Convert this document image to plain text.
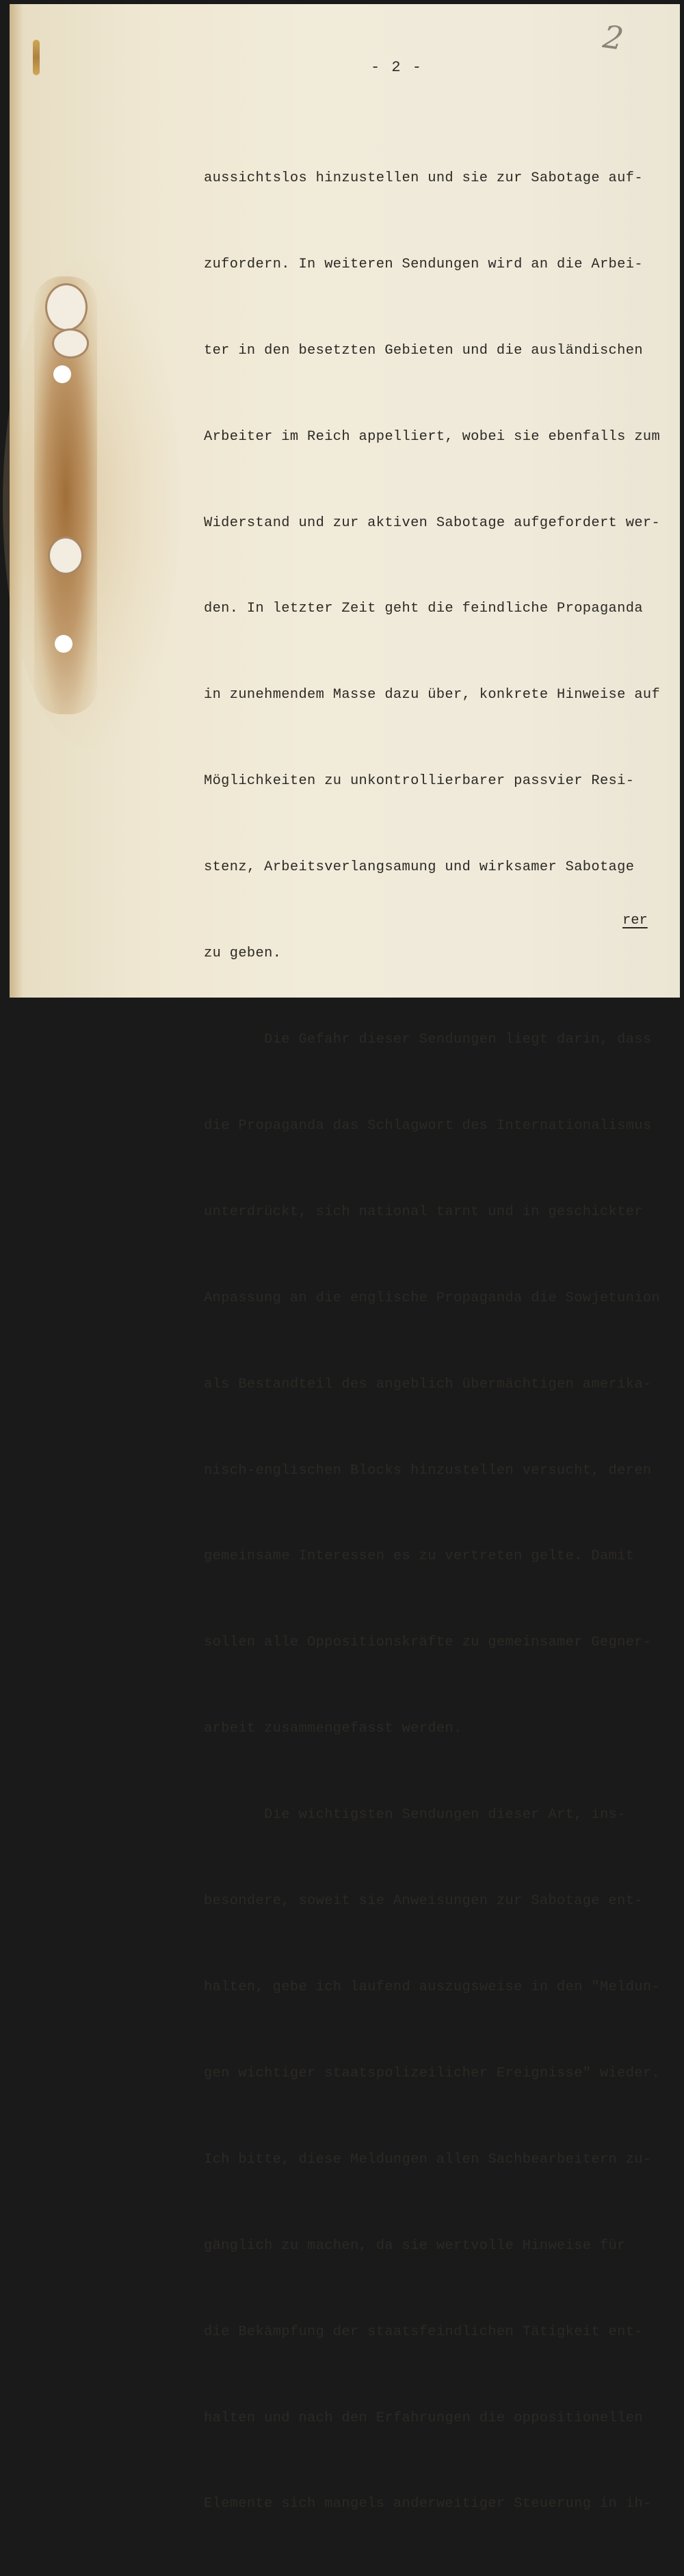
2
- 2 -

aussichtslos hinzustellen und sie zur Sabotage auf-

zufordern. In weiteren Sendungen wird an die Arbei-

ter in den besetzten Gebieten und die ausländischen

Arbeiter im Reich appelliert, wobei sie ebenfalls zum

Widerstand und zur aktiven Sabotage aufgefordert wer-

den. In letzter Zeit geht die feindliche Propaganda

in zunehmendem Masse dazu über, konkrete Hinweise auf

Möglichkeiten zu unkontrollierbarer passvier Resi-

stenz, Arbeitsverlangsamung und wirksamer Sabotage

zu geben.

Die Gefahr dieser Sendungen liegt darin, dass

die Propaganda das Schlagwort des Internationalismus

unterdrückt, sich national tarnt und in geschickter

Anpassung an die englische Propaganda die Sowjetunion

als Bestandteil des angeblich übermächtigen amerika-

nisch-englischen Blocks hinzustellen versucht, deren

gemeinsame Interessen es zu vertreten gelte. Damit

sollen alle Oppositionskräfte zu gemeinsamer Gegner-

arbeit zusammengefasst werden.

Die wichtigsten Sendungen dieser Art, ins-

besondere, soweit sie Anweisungen zur Sabotage ent-

halten, gebe ich laufend auszugsweise in den "Meldun-

gen wichtiger staatspolizeilicher Ereignisse" wieder.

Ich bitte, diese Meldungen allen Sachbearbeitern zu-

gänglich zu machen, da sie wertvolle Hinweise für

die Bekämpfung der staatsfeindlichen Tätigkeit ent-

halten und nach den Erfahrungen die oppositionellen

Elemente sich mangels anderweitiger Steuerung in ih-

rer
